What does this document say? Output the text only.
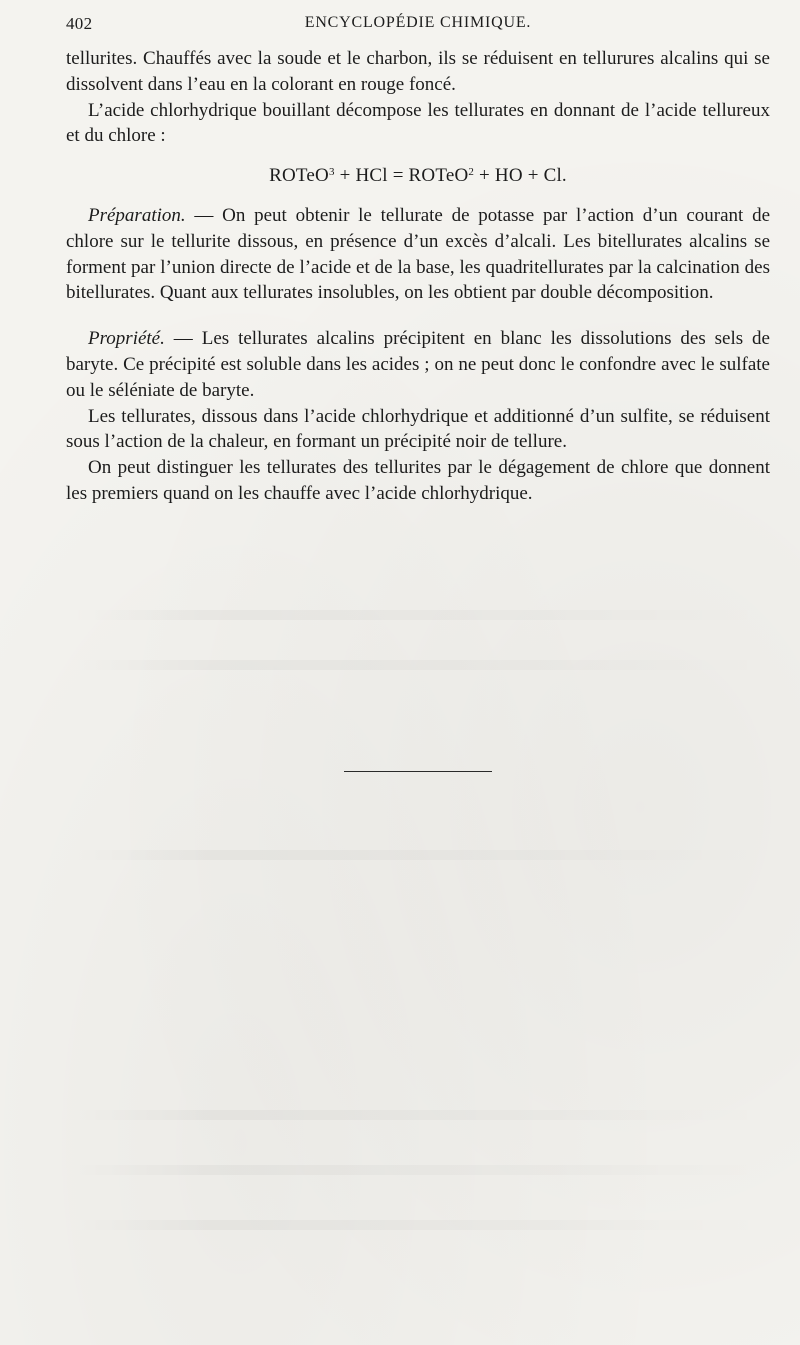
402	ENCYCLOPÉDIE CHIMIQUE.

tellurites. Chauffés avec la soude et le charbon, ils se réduisent en tellurures alcalins qui se dissolvent dans l’eau en la colorant en rouge foncé.

L’acide chlorhydrique bouillant décompose les tellurates en donnant de l’acide tellureux et du chlore :

ROTeO$^3$ + HCl = ROTeO$^2$ + HO + Cl.

Préparation. — On peut obtenir le tellurate de potasse par l’action d’un courant de chlore sur le tellurite dissous, en présence d’un excès d’alcali. Les bitellurates alcalins se forment par l’union directe de l’acide et de la base, les quadritellurates par la calcination des bitellurates. Quant aux tellurates insolubles, on les obtient par double décomposition.

Propriété. — Les tellurates alcalins précipitent en blanc les dissolutions des sels de baryte. Ce précipité est soluble dans les acides ; on ne peut donc le confondre avec le sulfate ou le séléniate de baryte.

Les tellurates, dissous dans l’acide chlorhydrique et additionné d’un sulfite, se réduisent sous l’action de la chaleur, en formant un précipité noir de tellure.

On peut distinguer les tellurates des tellurites par le dégagement de chlore que donnent les premiers quand on les chauffe avec l’acide chlorhydrique.
